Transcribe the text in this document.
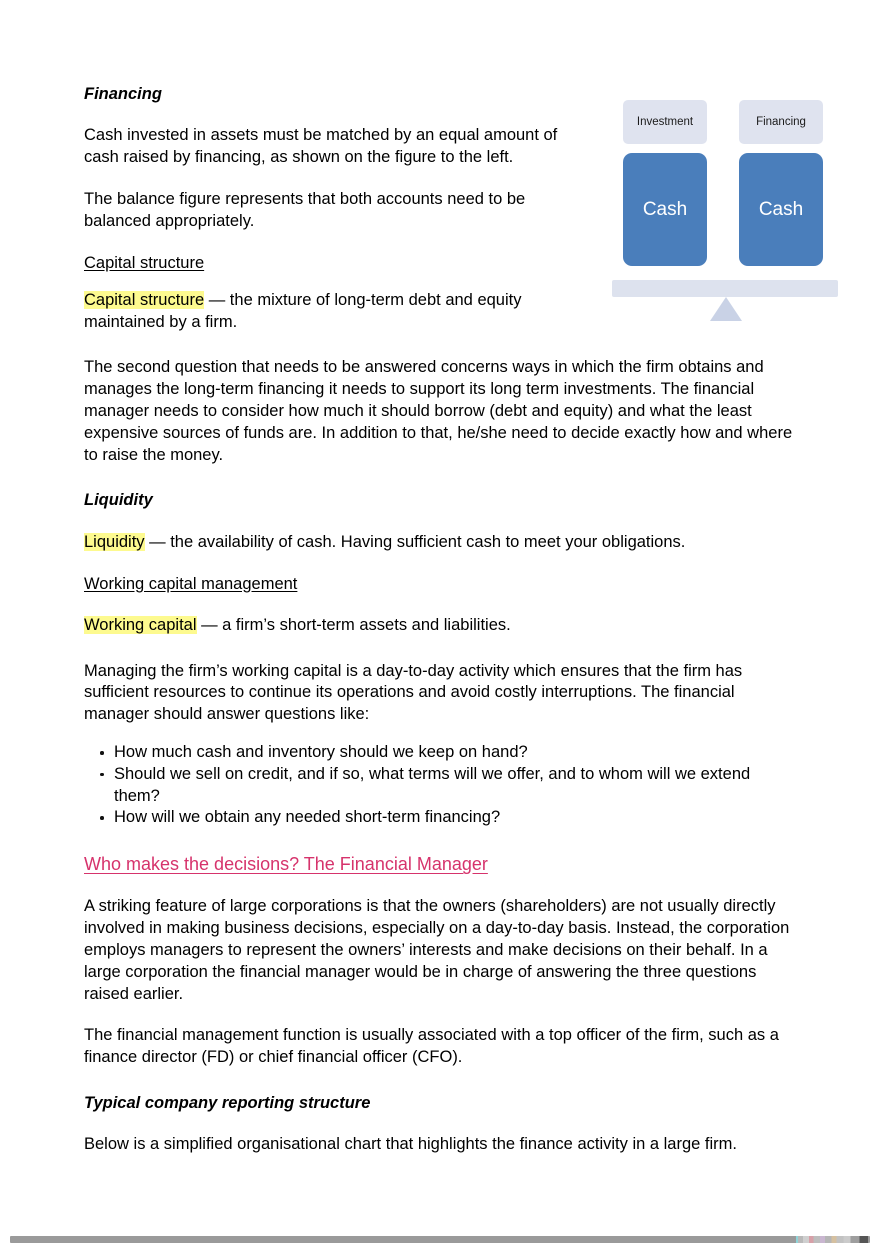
Investment
Cash
Financing
Cash
Financing

Cash invested in assets must be matched by an equal amount of cash raised by financing, as shown on the figure to the left.

The balance figure represents that both accounts need to be balanced appropriately.

Capital structure

Capital structure — the mixture of long-term debt and equity maintained by a firm.

The second question that needs to be answered concerns ways in which the firm obtains and manages the long-term financing it needs to support its long term investments. The financial manager needs to consider how much it should borrow (debt and equity) and what the least expensive sources of funds are. In addition to that, he/she need to decide exactly how and where to raise the money.

Liquidity

Liquidity — the availability of cash. Having sufficient cash to meet your obligations.

Working capital management

Working capital — a firm’s short-term assets and liabilities.

Managing the firm’s working capital is a day-to-day activity which ensures that the firm has sufficient resources to continue its operations and avoid costly interruptions. The financial manager should answer questions like:

How much cash and inventory should we keep on hand?
Should we sell on credit, and if so, what terms will we offer, and to whom will we extend them?
How will we obtain any needed short-term financing?
Who makes the decisions? The Financial Manager

A striking feature of large corporations is that the owners (shareholders) are not usually directly involved in making business decisions, especially on a day-to-day basis. Instead, the corporation employs managers to represent the owners’ interests and make decisions on their behalf. In a large corporation the financial manager would be in charge of answering the three questions raised earlier.

The financial management function is usually associated with a top officer of the firm, such as a finance director (FD) or chief financial officer (CFO).

Typical company reporting structure

Below is a simplified organisational chart that highlights the finance activity in a large firm.
